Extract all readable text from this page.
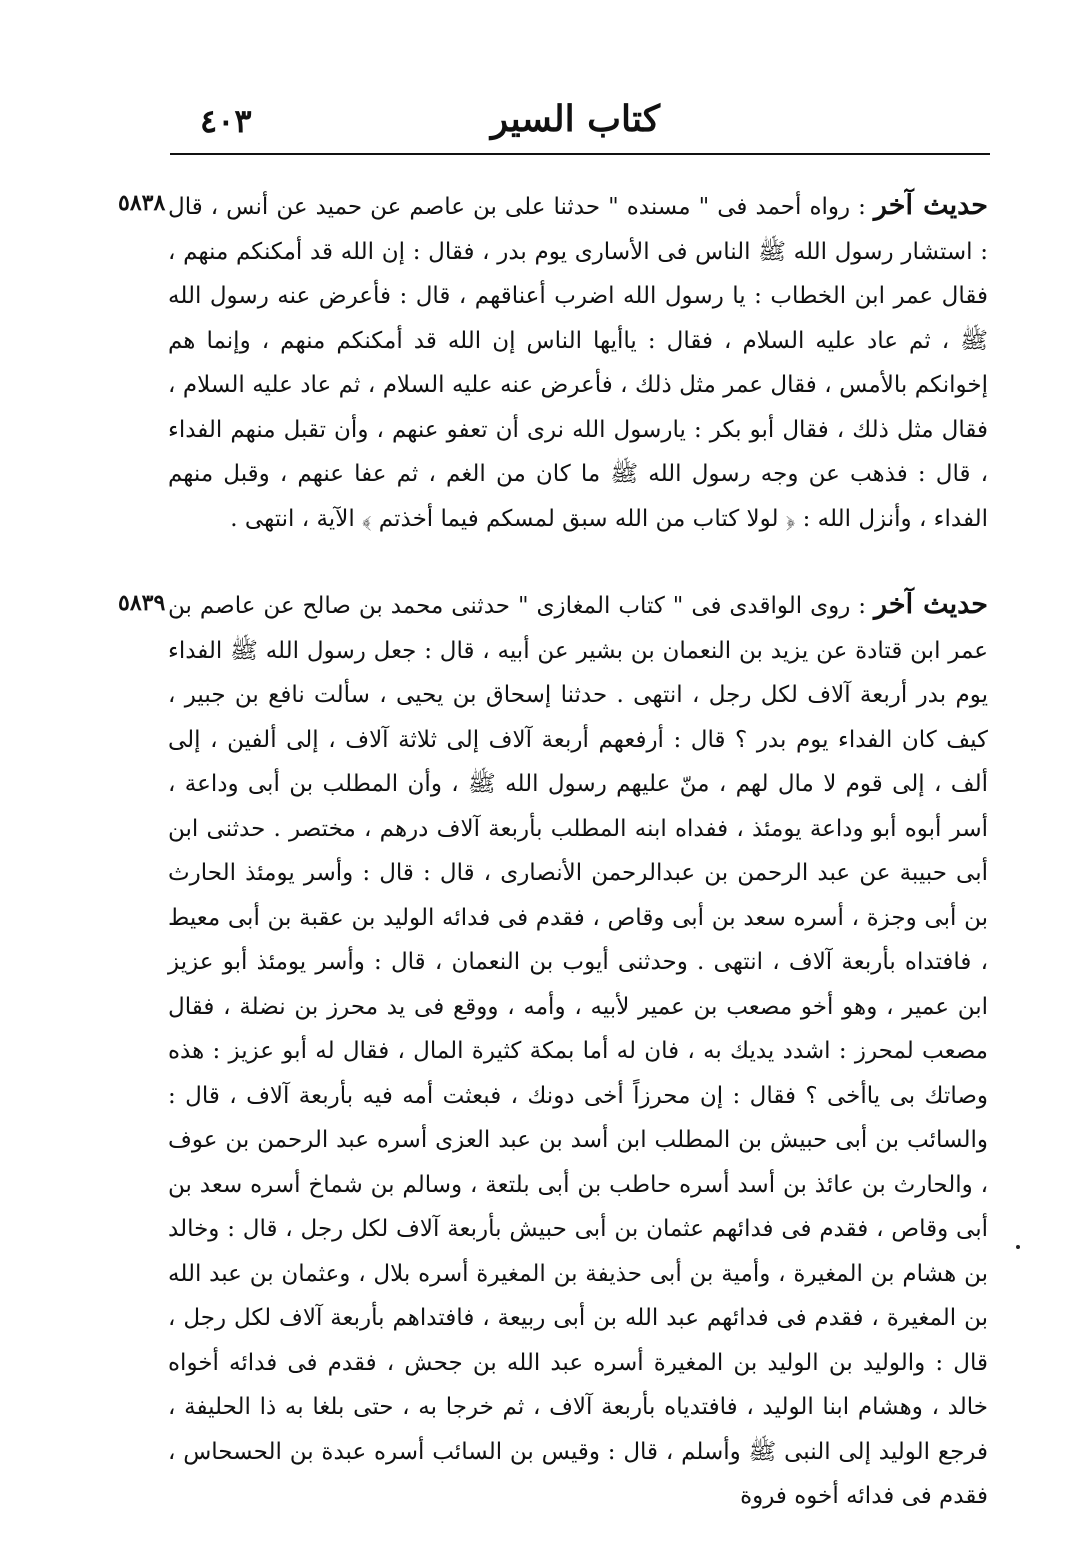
كتاب السير
٤٠٣
٥٨٣٨	حديث آخر : رواه أحمد فى " مسنده " حدثنا على بن عاصم عن حميد عن أنس ، قال : استشار رسول الله ﷺ الناس فى الأسارى يوم بدر ، فقال : إن الله قد أمكنكم منهم ، فقال عمر ابن الخطاب : يا رسول الله اضرب أعناقهم ، قال : فأعرض عنه رسول الله ﷺ ، ثم عاد عليه السلام ، فقال : ياأيها الناس إن الله قد أمكنكم منهم ، وإنما هم إخوانكم بالأمس ، فقال عمر مثل ذلك ، فأعرض عنه عليه السلام ، ثم عاد عليه السلام ، فقال مثل ذلك ، فقال أبو بكر : يارسول الله نرى أن تعفو عنهم ، وأن تقبل منهم الفداء ، قال : فذهب عن وجه رسول الله ﷺ ما كان من الغم ، ثم عفا عنهم ، وقبل منهم الفداء ، وأنزل الله : ﴿ لولا كتاب من الله سبق لمسكم فيما أخذتم ﴾ الآية ، انتهى .
٥٨٣٩	حديث آخر : روى الواقدى فى " كتاب المغازى " حدثنى محمد بن صالح عن عاصم بن عمر ابن قتادة عن يزيد بن النعمان بن بشير عن أبيه ، قال : جعل رسول الله ﷺ الفداء يوم بدر أربعة آلاف لكل رجل ، انتهى . حدثنا إسحاق بن يحيى ، سألت نافع بن جبير ، كيف كان الفداء يوم بدر ؟ قال : أرفعهم أربعة آلاف إلى ثلاثة آلاف ، إلى ألفين ، إلى ألف ، إلى قوم لا مال لهم ، منّ عليهم رسول الله ﷺ ، وأن المطلب بن أبى وداعة ، أسر أبوه أبو وداعة يومئذ ، ففداه ابنه المطلب بأربعة آلاف درهم ، مختصر . حدثنى ابن أبى حبيبة عن عبد الرحمن بن عبدالرحمن الأنصارى ، قال : قال : وأسر يومئذ الحارث بن أبى وجزة ، أسره سعد بن أبى وقاص ، فقدم فى فدائه الوليد بن عقبة بن أبى معيط ، فافتداه بأربعة آلاف ، انتهى . وحدثنى أيوب بن النعمان ، قال : وأسر يومئذ أبو عزيز ابن عمير ، وهو أخو مصعب بن عمير لأبيه ، وأمه ، ووقع فى يد محرز بن نضلة ، فقال مصعب لمحرز : اشدد يديك به ، فان له أما بمكة كثيرة المال ، فقال له أبو عزيز : هذه وصاتك بى ياأخى ؟ فقال : إن محرزاً أخى دونك ، فبعثت أمه فيه بأربعة آلاف ، قال : والسائب بن أبى حبيش بن المطلب ابن أسد بن عبد العزى أسره عبد الرحمن بن عوف ، والحارث بن عائذ بن أسد أسره حاطب بن أبى بلتعة ، وسالم بن شماخ أسره سعد بن أبى وقاص ، فقدم فى فدائهم عثمان بن أبى حبيش بأربعة آلاف لكل رجل ، قال : وخالد بن هشام بن المغيرة ، وأمية بن أبى حذيفة بن المغيرة أسره بلال ، وعثمان بن عبد الله بن المغيرة ، فقدم فى فدائهم عبد الله بن أبى ربيعة ، فافتداهم بأربعة آلاف لكل رجل ، قال : والوليد بن الوليد بن المغيرة أسره عبد الله بن جحش ، فقدم فى فدائه أخواه خالد ، وهشام ابنا الوليد ، فافتدياه بأربعة آلاف ، ثم خرجا به ، حتى بلغا به ذا الحليفة ، فرجع الوليد إلى النبى ﷺ وأسلم ، قال : وقيس بن السائب أسره عبدة بن الحسحاس ، فقدم فى فدائه أخوه فروة
